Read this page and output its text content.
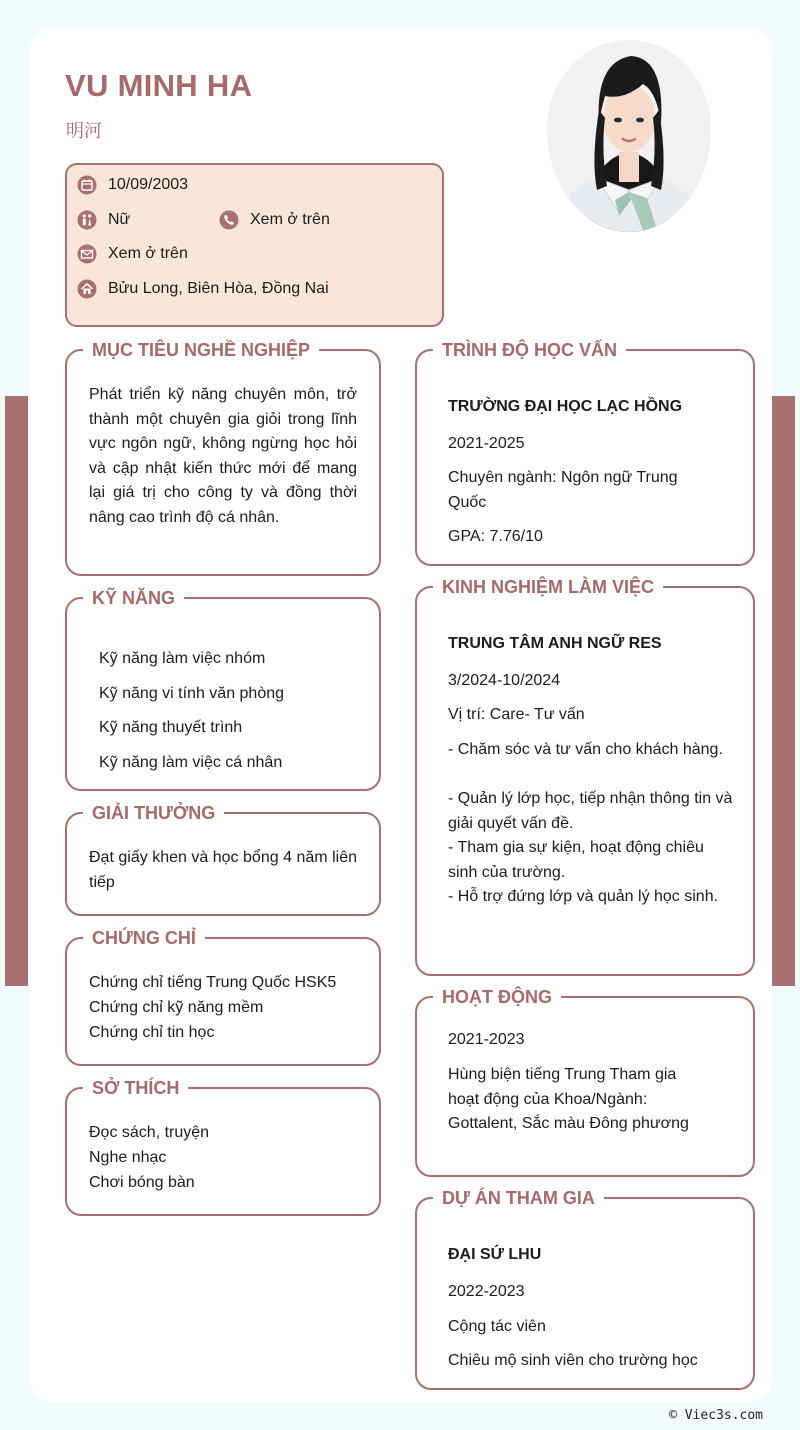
VU MINH HA
明河
10/09/2003
Nữ	Xem ở trên
Xem ở trên
Bửu Long, Biên Hòa, Đồng Nai
MỤC TIÊU NGHỀ NGHIỆP
Phát triển kỹ năng chuyên môn, trở thành một chuyên gia giỏi trong lĩnh vực ngôn ngữ, không ngừng học hỏi và cập nhật kiến thức mới để mang lại giá trị cho công ty và đồng thời nâng cao trình độ cá nhân.
KỸ NĂNG
Kỹ năng làm việc nhóm
Kỹ năng vi tính văn phòng
Kỹ năng thuyết trình
Kỹ năng làm việc cá nhân
GIẢI THƯỞNG
Đạt giấy khen và học bổng 4 năm liên tiếp
CHỨNG CHỈ
Chứng chỉ tiếng Trung Quốc HSK5
Chứng chỉ kỹ năng mềm
Chứng chỉ tin học
SỞ THÍCH
Đọc sách, truyện
Nghe nhạc
Chơi bóng bàn
TRÌNH ĐỘ HỌC VẤN
TRƯỜNG ĐẠI HỌC LẠC HỒNG
2021-2025
Chuyên ngành: Ngôn ngữ Trung Quốc
GPA: 7.76/10
KINH NGHIỆM LÀM VIỆC
TRUNG TÂM ANH NGỮ RES
3/2024-10/2024
Vị trí: Care- Tư vấn
- Chăm sóc và tư vấn cho khách hàng.
- Quản lý lớp học, tiếp nhận thông tin và giải quyết vấn đề.
- Tham gia sự kiện, hoạt động chiêu sinh của trường.
- Hỗ trợ đứng lớp và quản lý học sinh.
HOẠT ĐỘNG
2021-2023
Hùng biện tiếng Trung Tham gia hoạt động của Khoa/Ngành: Gottalent, Sắc màu Đông phương
DỰ ÁN THAM GIA
ĐẠI SỨ LHU
2022-2023
Cộng tác viên
Chiêu mộ sinh viên cho trường học
© Viec3s.com
